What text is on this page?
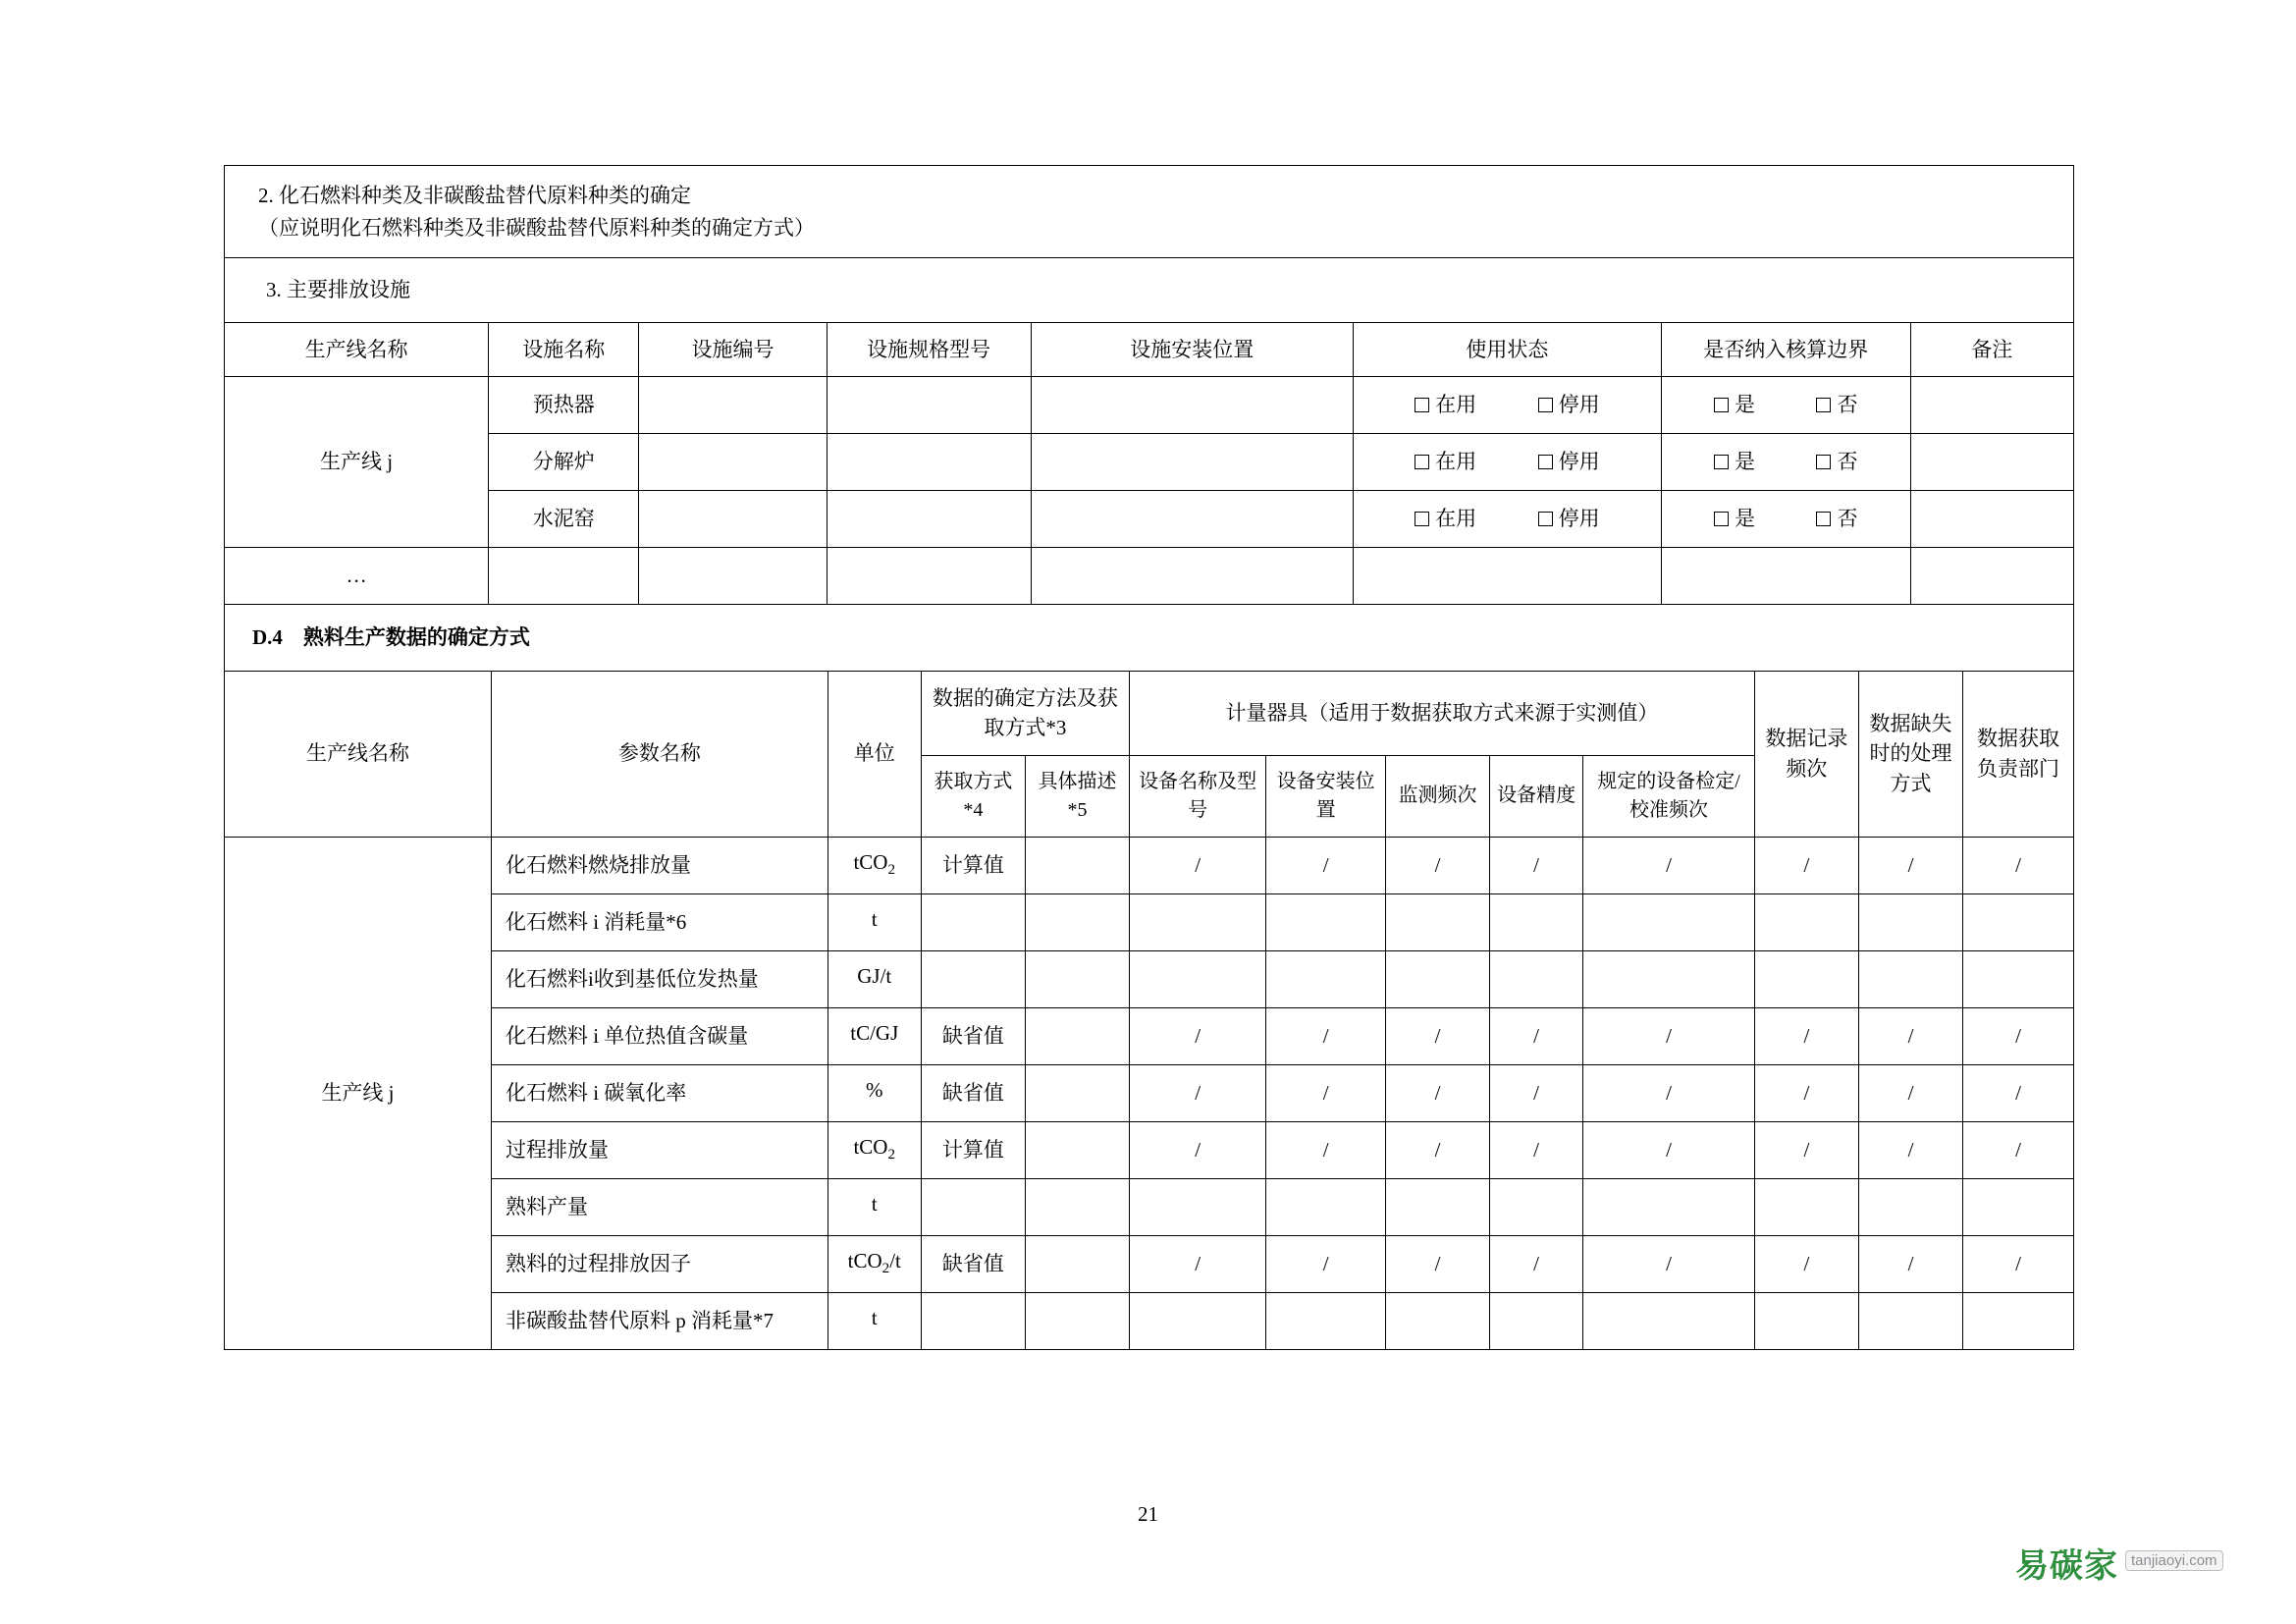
2. 化石燃料种类及非碳酸盐替代原料种类的确定
（应说明化石燃料种类及非碳酸盐替代原料种类的确定方式）
3. 主要排放设施
生产线名称	设施名称	设施编号	设施规格型号	设施安装位置	使用状态	是否纳入核算边界	备注
生产线 j	预热器				在用 停用	是 否	
	分解炉				在用 停用	是 否	
	水泥窑				在用 停用	是 否	
…							
D.4　熟料生产数据的确定方式
生产线名称	参数名称	单位	数据的确定方法及获取方式*3		计量器具（适用于数据获取方式来源于实测值）					数据记录频次	数据缺失时的处理方式	数据获取负责部门
			获取方式*4	具体描述*5	设备名称及型号	设备安装位置	监测频次	设备精度	规定的设备检定/校准频次			
生产线 j	化石燃料燃烧排放量	tCO$_2$	计算值		/	/	/	/	/	/	/	/
	化石燃料 i 消耗量*6	t										
	化石燃料i收到基低位发热量	GJ/t										
	化石燃料 i 单位热值含碳量	tC/GJ	缺省值		/	/	/	/	/	/	/	/
	化石燃料 i 碳氧化率	%	缺省值		/	/	/	/	/	/	/	/
	过程排放量	tCO$_2$	计算值		/	/	/	/	/	/	/	/
	熟料产量	t										
	熟料的过程排放因子	tCO$_2$/t	缺省值		/	/	/	/	/	/	/	/
	非碳酸盐替代原料 p 消耗量*7	t										
21
易碳家 tanjiaoyi.com
